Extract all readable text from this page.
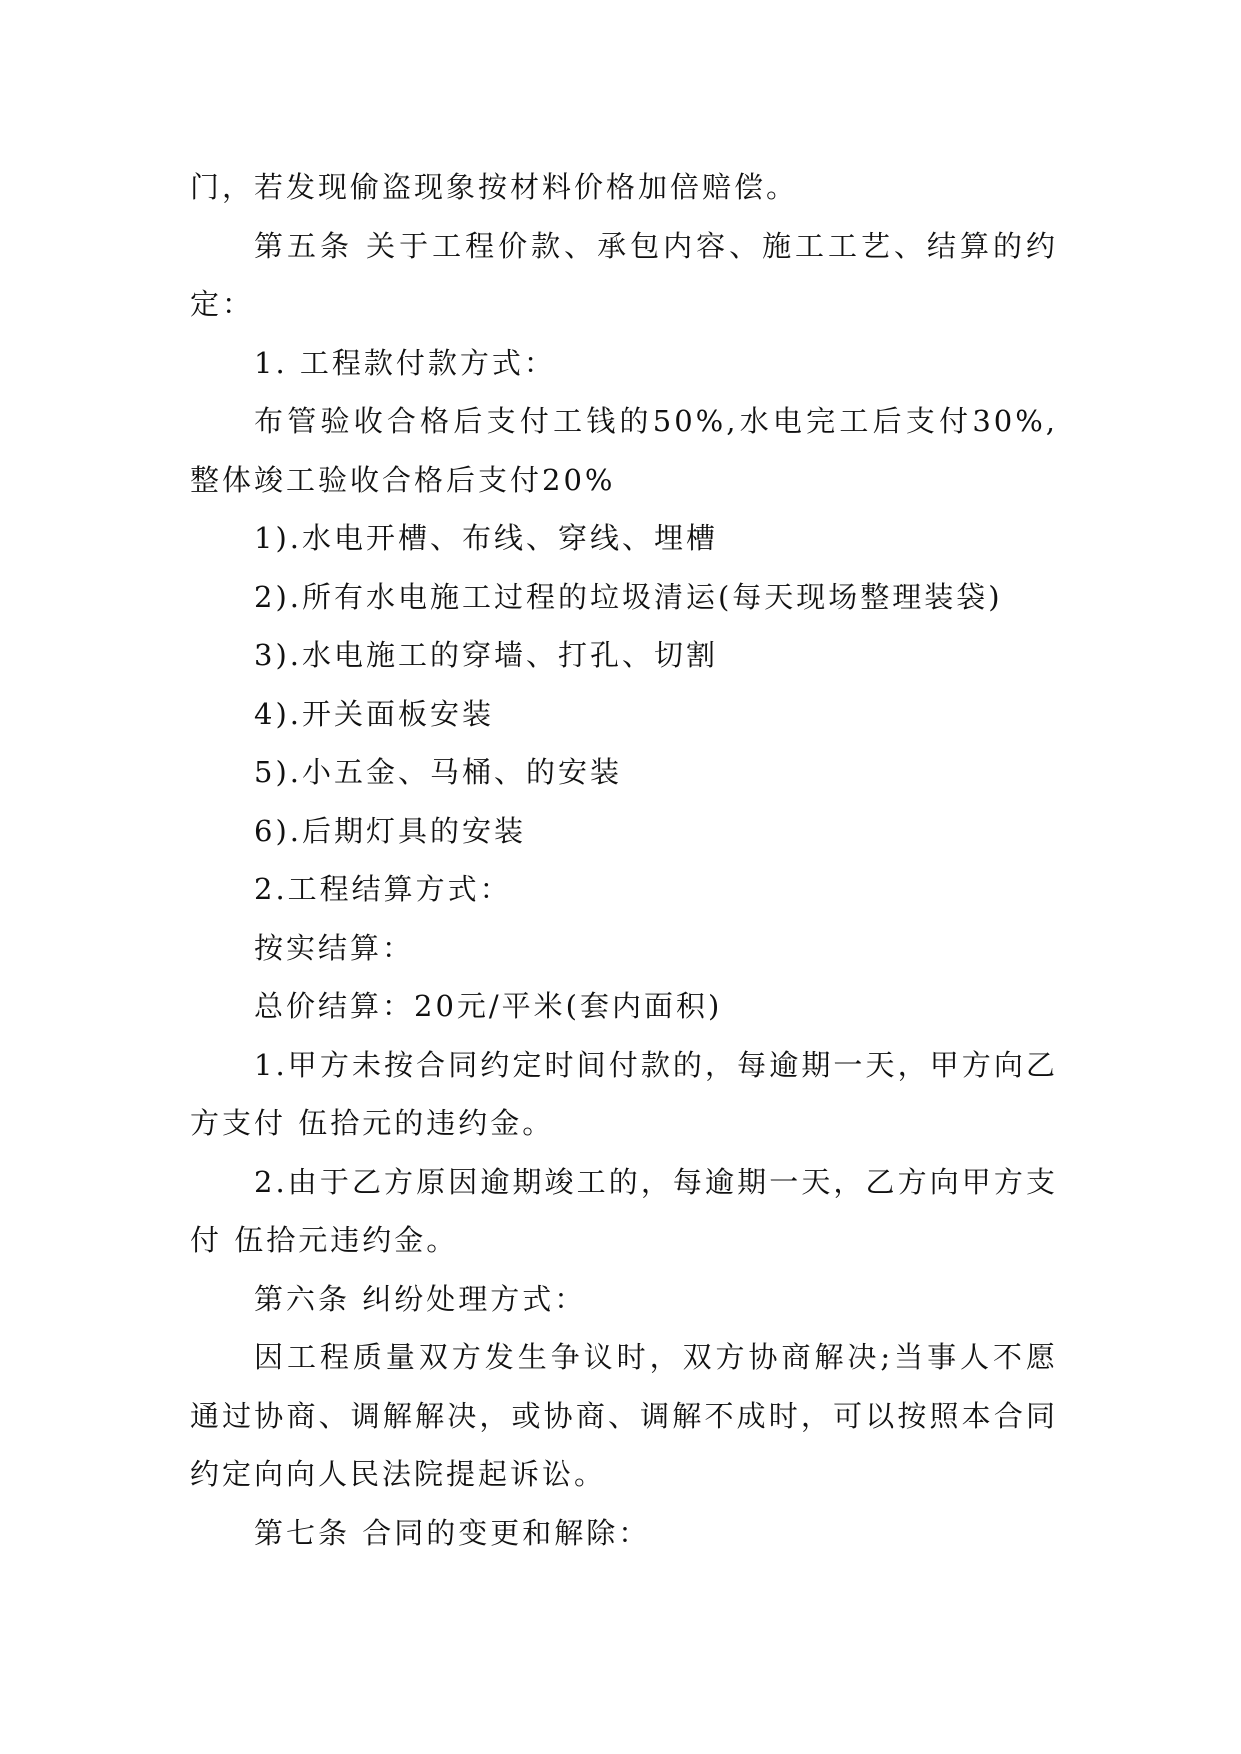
门，若发现偷盗现象按材料价格加倍赔偿。

第五条 关于工程价款、承包内容、施工工艺、结算的约定：

1. 工程款付款方式：

布管验收合格后支付工钱的50%,水电完工后支付30%,整体竣工验收合格后支付20%

1).水电开槽、布线、穿线、埋槽

2).所有水电施工过程的垃圾清运(每天现场整理装袋)

3).水电施工的穿墙、打孔、切割

4).开关面板安装

5).小五金、马桶、的安装

6).后期灯具的安装

2.工程结算方式：

按实结算：

总价结算：20元/平米(套内面积)

1.甲方未按合同约定时间付款的，每逾期一天，甲方向乙方支付 伍拾元的违约金。

2.由于乙方原因逾期竣工的，每逾期一天，乙方向甲方支付 伍拾元违约金。

第六条 纠纷处理方式：

因工程质量双方发生争议时，双方协商解决;当事人不愿通过协商、调解解决，或协商、调解不成时，可以按照本合同约定向向人民法院提起诉讼。

第七条 合同的变更和解除：
